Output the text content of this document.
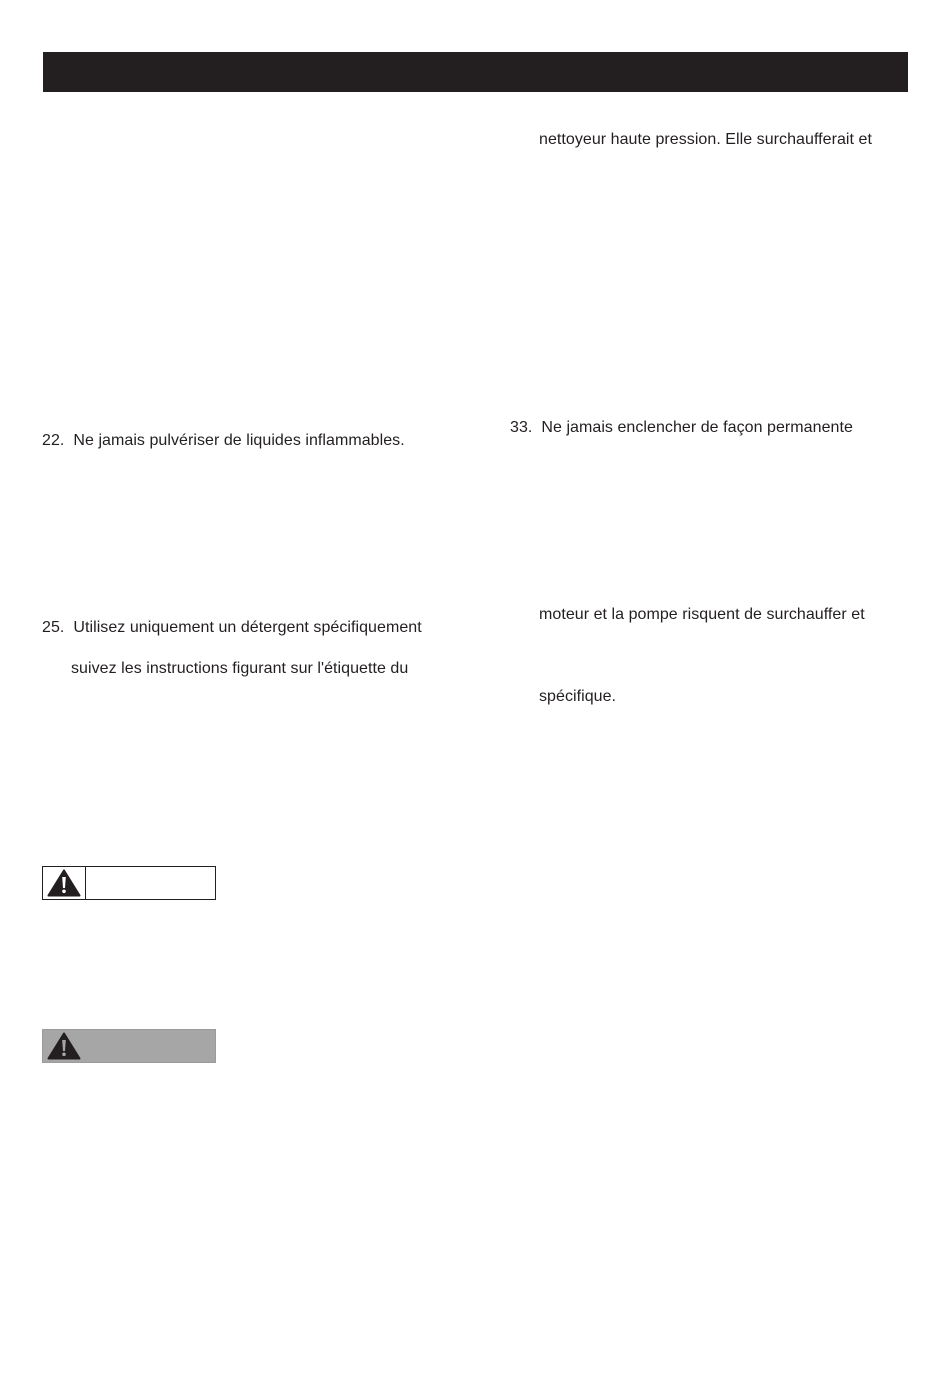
nettoyeur haute pression. Elle surchaufferait et
22.  Ne jamais pulvériser de liquides inflammables.
33.  Ne jamais enclencher de façon permanente
moteur et la pompe risquent de surchauffer et
spécifique.
25.  Utilisez uniquement un détergent spécifiquement
suivez les instructions figurant sur l'étiquette du
